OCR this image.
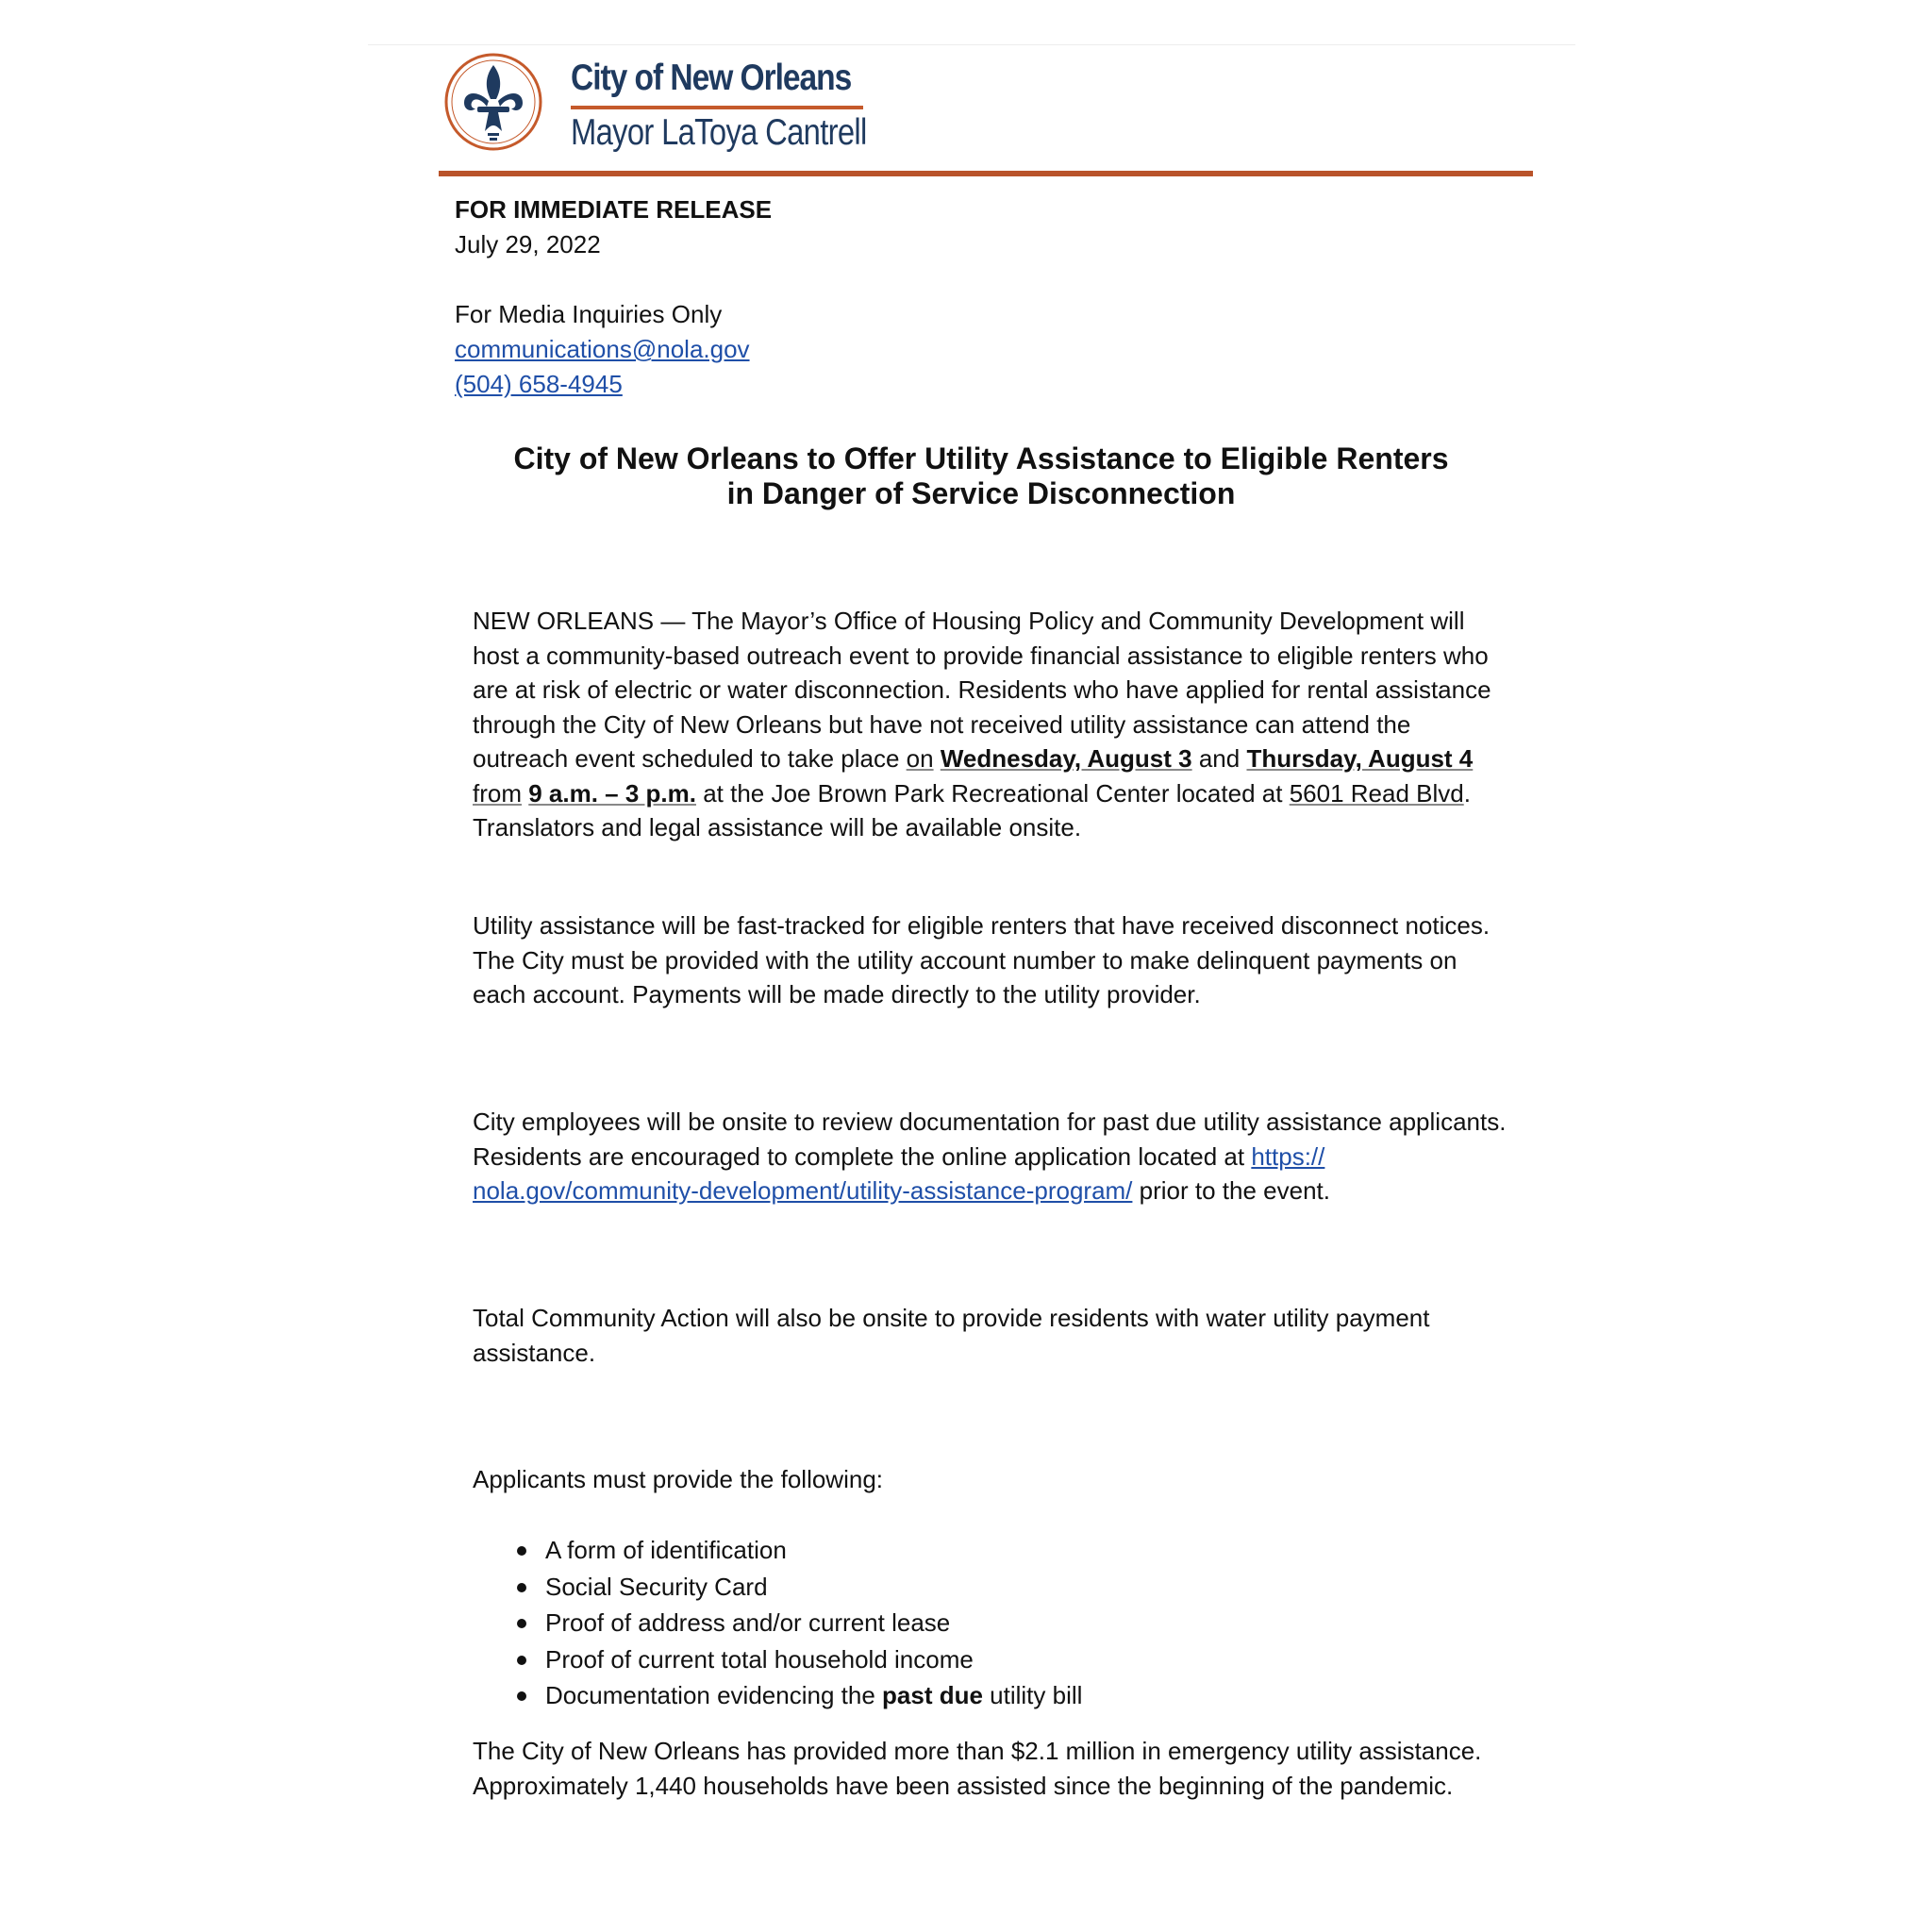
City of New Orleans
Mayor LaToya Cantrell
FOR IMMEDIATE RELEASE
July 29, 2022
For Media Inquiries Only
communications@nola.gov
(504) 658-4945
City of New Orleans to Offer Utility Assistance to Eligible Renters
in Danger of Service Disconnection
NEW ORLEANS — The Mayor’s Office of Housing Policy and Community Development will host a community-based outreach event to provide financial assistance to eligible renters who are at risk of electric or water disconnection. Residents who have applied for rental assistance through the City of New Orleans but have not received utility assistance can attend the outreach event scheduled to take place on Wednesday, August 3 and Thursday, August 4 from 9 a.m. – 3 p.m. at the Joe Brown Park Recreational Center located at 5601 Read Blvd. Translators and legal assistance will be available onsite.
Utility assistance will be fast-tracked for eligible renters that have received disconnect notices. The City must be provided with the utility account number to make delinquent payments on each account. Payments will be made directly to the utility provider.
City employees will be onsite to review documentation for past due utility assistance applicants. Residents are encouraged to complete the online application located at https://
nola.gov/community-development/utility-assistance-program/ prior to the event.
Total Community Action will also be onsite to provide residents with water utility payment assistance.
Applicants must provide the following:
A form of identification
Social Security Card
Proof of address and/or current lease
Proof of current total household income
Documentation evidencing the past due utility bill
The City of New Orleans has provided more than $2.1 million in emergency utility assistance. Approximately 1,440 households have been assisted since the beginning of the pandemic.
